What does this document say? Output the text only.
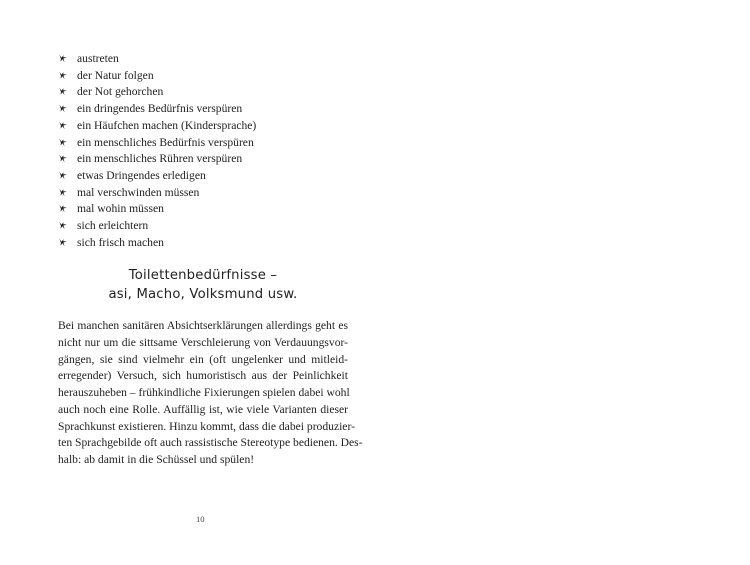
austreten
der Natur folgen
der Not gehorchen
ein dringendes Bedürfnis verspüren
ein Häufchen machen (Kindersprache)
ein menschliches Bedürfnis verspüren
ein menschliches Rühren verspüren
etwas Dringendes erledigen
mal verschwinden müssen
mal wohin müssen
sich erleichtern
sich frisch machen
Toilettenbedürfnisse –
asi, Macho, Volksmund usw.

Bei manchen sanitären Absichtserklärungen allerdings geht es
nicht nur um die sittsame Verschleierung von Verdauungsvor-
gängen, sie sind vielmehr ein (oft ungelenker und mitleid-
erregender) Versuch, sich humoristisch aus der Peinlichkeit
herauszuheben – frühkindliche Fixierungen spielen dabei wohl
auch noch eine Rolle. Auffällig ist, wie viele Varianten dieser
Sprachkunst existieren. Hinzu kommt, dass die dabei produzier-
ten Sprachgebilde oft auch rassistische Stereotype bedienen. Des-
halb: ab damit in die Schüssel und spülen!

10
